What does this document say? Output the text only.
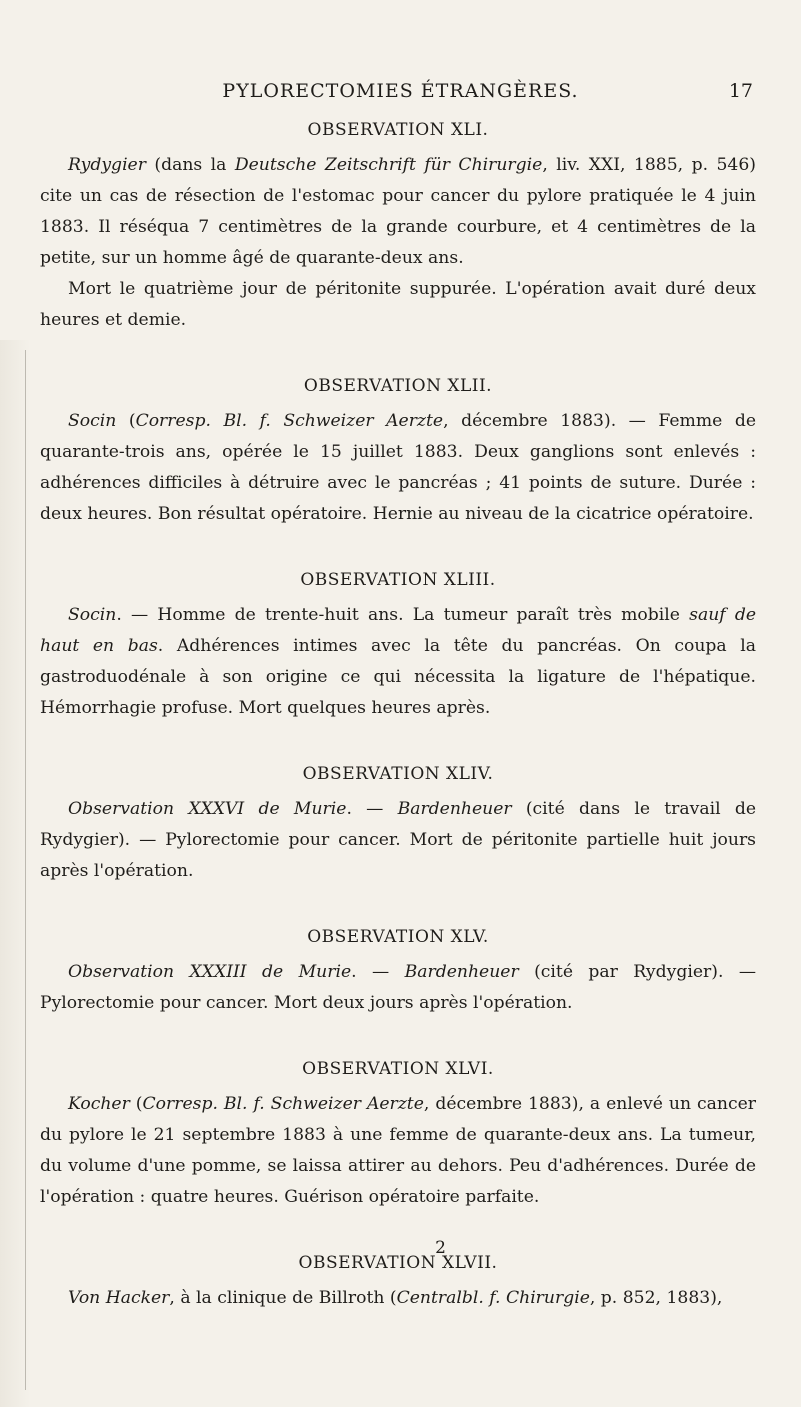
PYLORECTOMIES ÉTRANGÈRES.	17
OBSERVATION XLI.

Rydygier (dans la Deutsche Zeitschrift für Chirurgie, liv. XXI, 1885, p. 546) cite un cas de résection de l'estomac pour cancer du pylore pratiquée le 4 juin 1883. Il réséqua 7 centimètres de la grande courbure, et 4 centimètres de la petite, sur un homme âgé de quarante-deux ans.

Mort le quatrième jour de péritonite suppurée. L'opération avait duré deux heures et demie.

OBSERVATION XLII.

Socin (Corresp. Bl. f. Schweizer Aerzte, décembre 1883). — Femme de quarante-trois ans, opérée le 15 juillet 1883. Deux ganglions sont enlevés : adhérences difficiles à détruire avec le pancréas ; 41 points de suture. Durée : deux heures. Bon résultat opératoire. Hernie au niveau de la cicatrice opératoire.

OBSERVATION XLIII.

Socin. — Homme de trente-huit ans. La tumeur paraît très mobile sauf de haut en bas. Adhérences intimes avec la tête du pancréas. On coupa la gastroduodénale à son origine ce qui nécessita la ligature de l'hépatique. Hémorrhagie profuse. Mort quelques heures après.

OBSERVATION XLIV.

Observation XXXVI de Murie. — Bardenheuer (cité dans le travail de Rydygier). — Pylorectomie pour cancer. Mort de péritonite partielle huit jours après l'opération.

OBSERVATION XLV.

Observation XXXIII de Murie. — Bardenheuer (cité par Rydygier). — Pylorectomie pour cancer. Mort deux jours après l'opération.

OBSERVATION XLVI.

Kocher (Corresp. Bl. f. Schweizer Aerzte, décembre 1883), a enlevé un cancer du pylore le 21 septembre 1883 à une femme de quarante-deux ans. La tumeur, du volume d'une pomme, se laissa attirer au dehors. Peu d'adhérences. Durée de l'opération : quatre heures. Guérison opératoire parfaite.

OBSERVATION XLVII.

Von Hacker, à la clinique de Billroth (Centralbl. f. Chirurgie, p. 852, 1883),

2
